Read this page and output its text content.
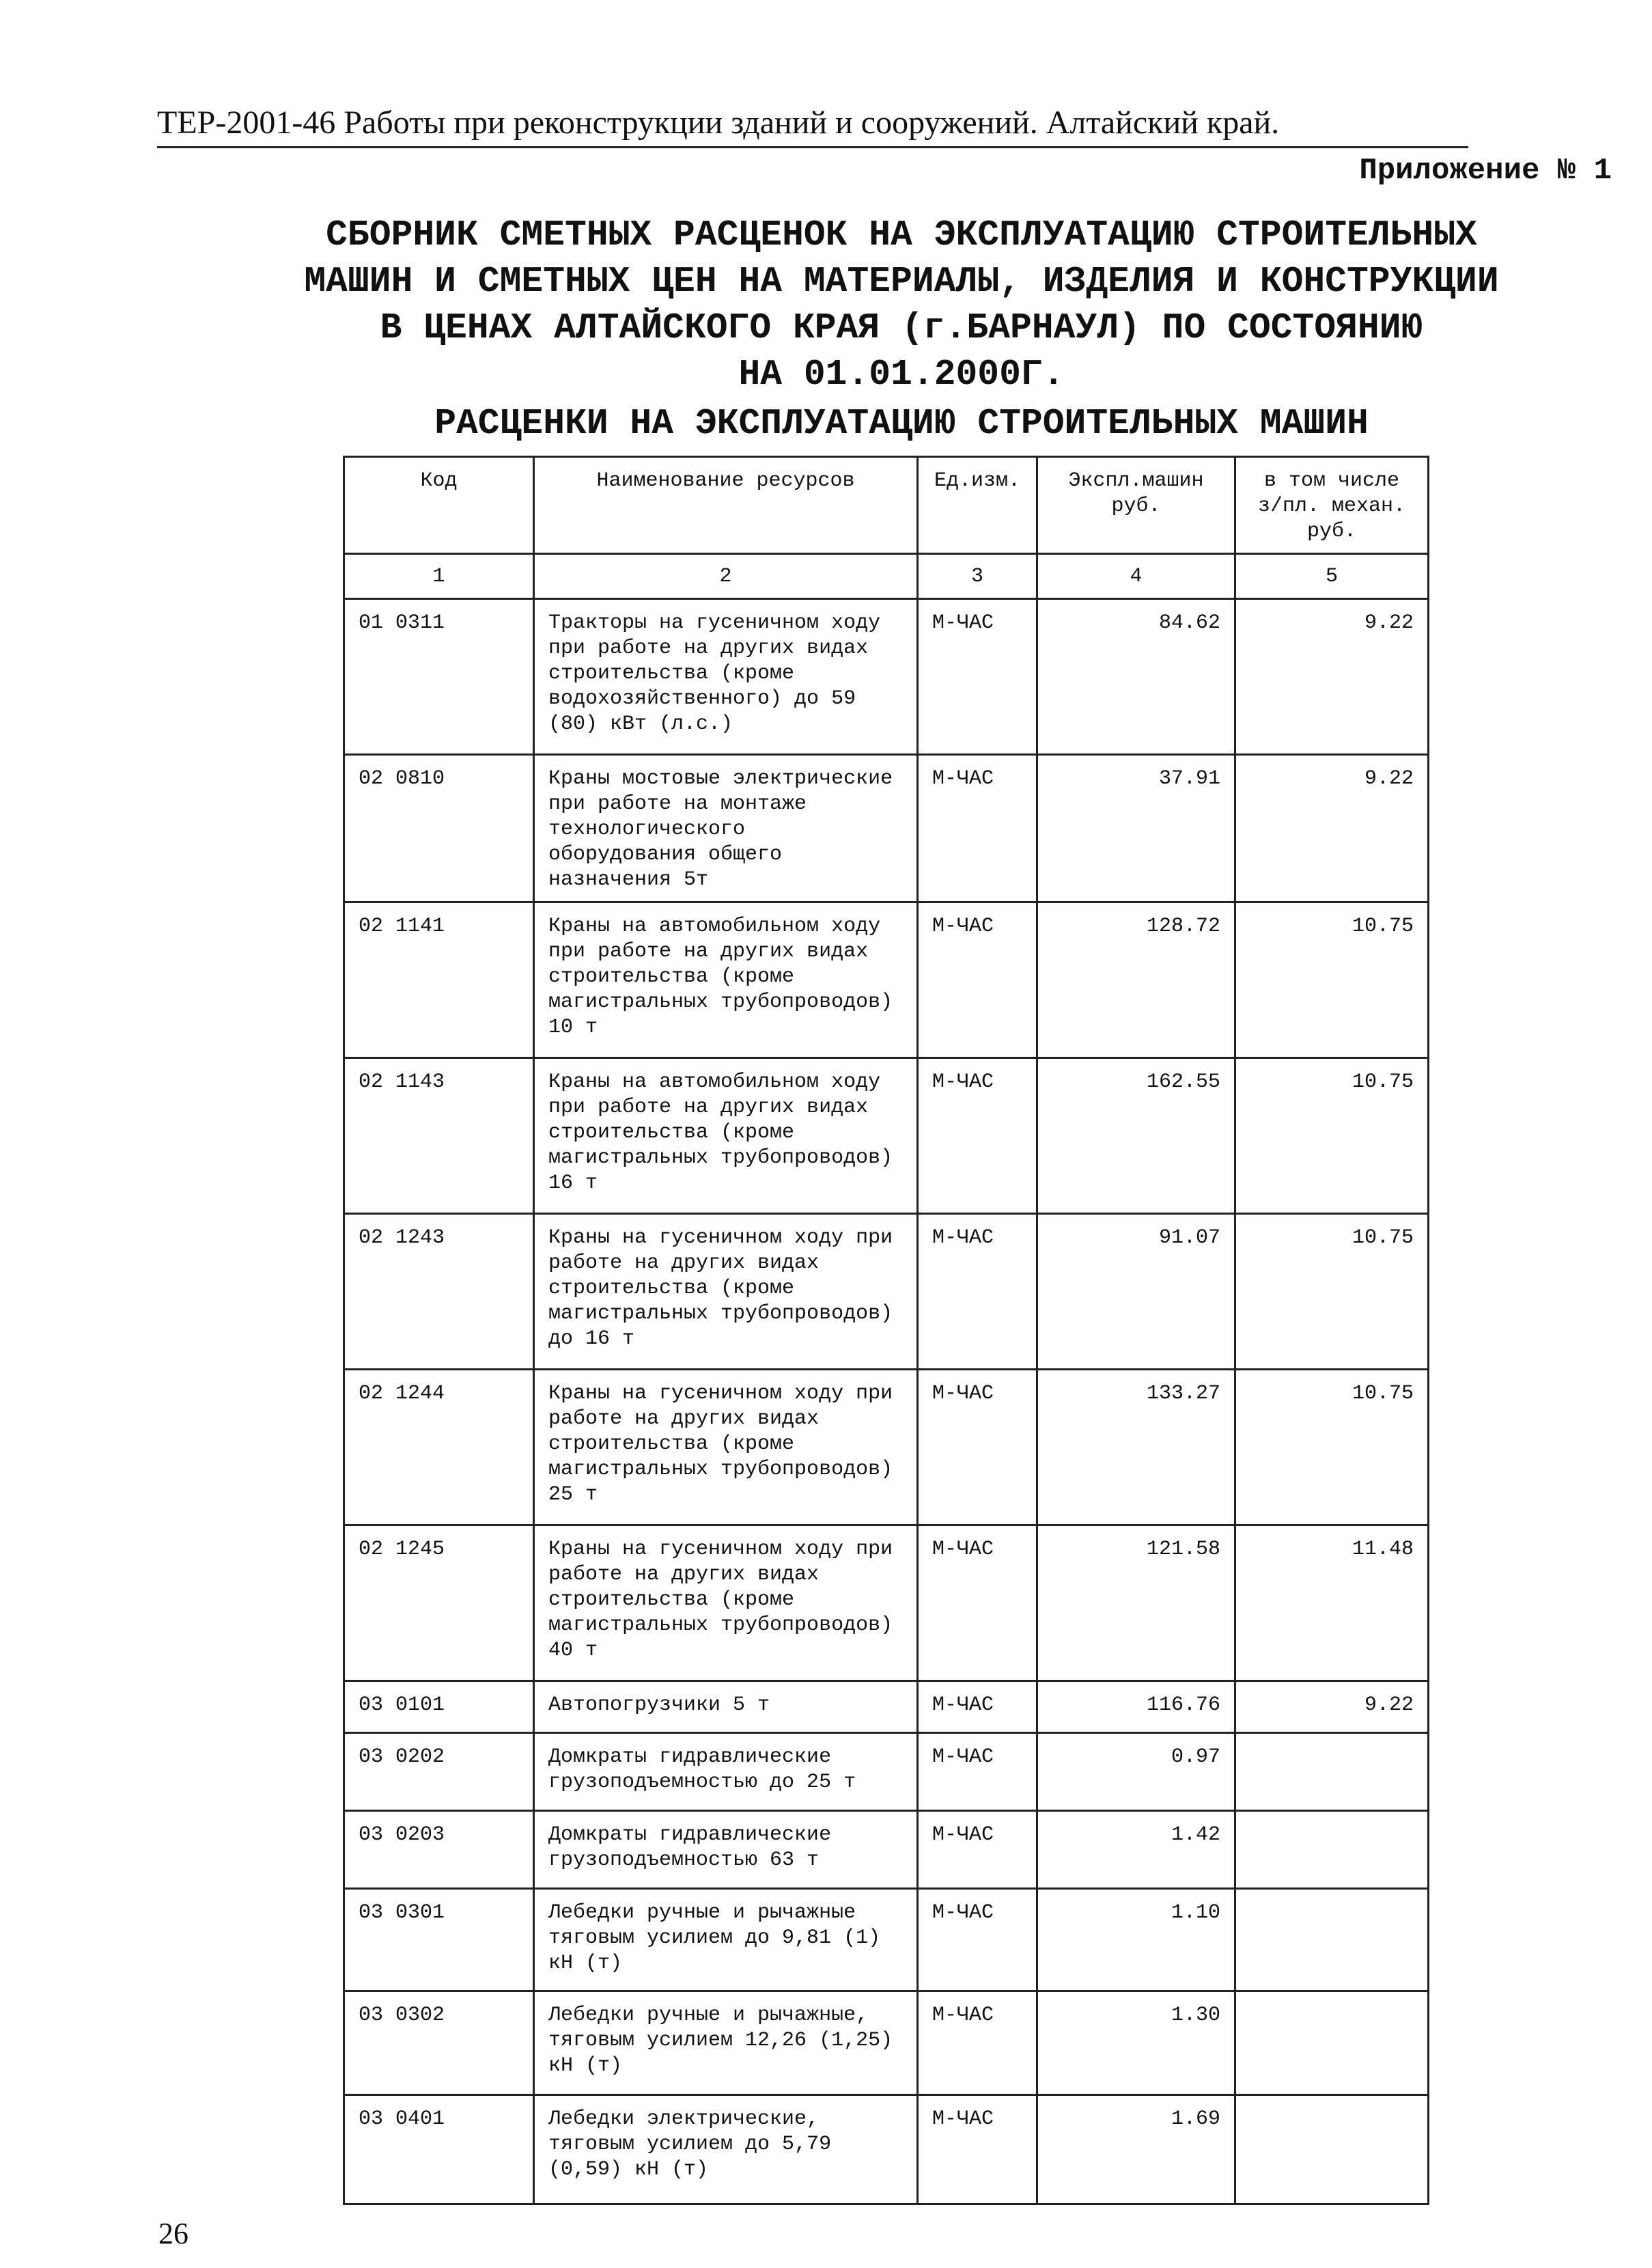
ТЕР-2001-46 Работы при реконструкции зданий и сооружений. Алтайский край.
Приложение № 1
СБОРНИК СМЕТНЫХ РАСЦЕНОК НА ЭКСПЛУАТАЦИЮ СТРОИТЕЛЬНЫХ
МАШИН И СМЕТНЫХ ЦЕН НА МАТЕРИАЛЫ, ИЗДЕЛИЯ И КОНСТРУКЦИИ
В ЦЕНАХ АЛТАЙСКОГО КРАЯ (г.БАРНАУЛ) ПО СОСТОЯНИЮ
НА 01.01.2000Г.
РАСЦЕНКИ НА ЭКСПЛУАТАЦИЮ СТРОИТЕЛЬНЫХ МАШИН
Код	Наименование ресурсов	Ед.изм.	Экспл.машин руб.	в том числе з/пл. механ. руб.
1	2	3	4	5
01 0311	Тракторы на гусеничном ходу при работе на других видах строительства (кроме водохозяйственного) до 59 (80) кВт (л.с.)	М-ЧАС	84.62	9.22
02 0810	Краны мостовые электрические при работе на монтаже технологического оборудования общего назначения 5т	М-ЧАС	37.91	9.22
02 1141	Краны на автомобильном ходу при работе на других видах строительства (кроме магистральных трубопроводов) 10 т	М-ЧАС	128.72	10.75
02 1143	Краны на автомобильном ходу при работе на других видах строительства (кроме магистральных трубопроводов) 16 т	М-ЧАС	162.55	10.75
02 1243	Краны на гусеничном ходу при работе на других видах строительства (кроме магистральных трубопроводов) до 16 т	М-ЧАС	91.07	10.75
02 1244	Краны на гусеничном ходу при работе на других видах строительства (кроме магистральных трубопроводов) 25 т	М-ЧАС	133.27	10.75
02 1245	Краны на гусеничном ходу при работе на других видах строительства (кроме магистральных трубопроводов) 40 т	М-ЧАС	121.58	11.48
03 0101	Автопогрузчики 5 т	М-ЧАС	116.76	9.22
03 0202	Домкраты гидравлические грузоподъемностью до 25 т	М-ЧАС	0.97	
03 0203	Домкраты гидравлические грузоподъемностью 63 т	М-ЧАС	1.42	
03 0301	Лебедки ручные и рычажные тяговым усилием до 9,81 (1) кН (т)	М-ЧАС	1.10	
03 0302	Лебедки ручные и рычажные, тяговым усилием 12,26 (1,25) кН (т)	М-ЧАС	1.30	
03 0401	Лебедки электрические, тяговым усилием до 5,79 (0,59) кН (т)	М-ЧАС	1.69	
26
